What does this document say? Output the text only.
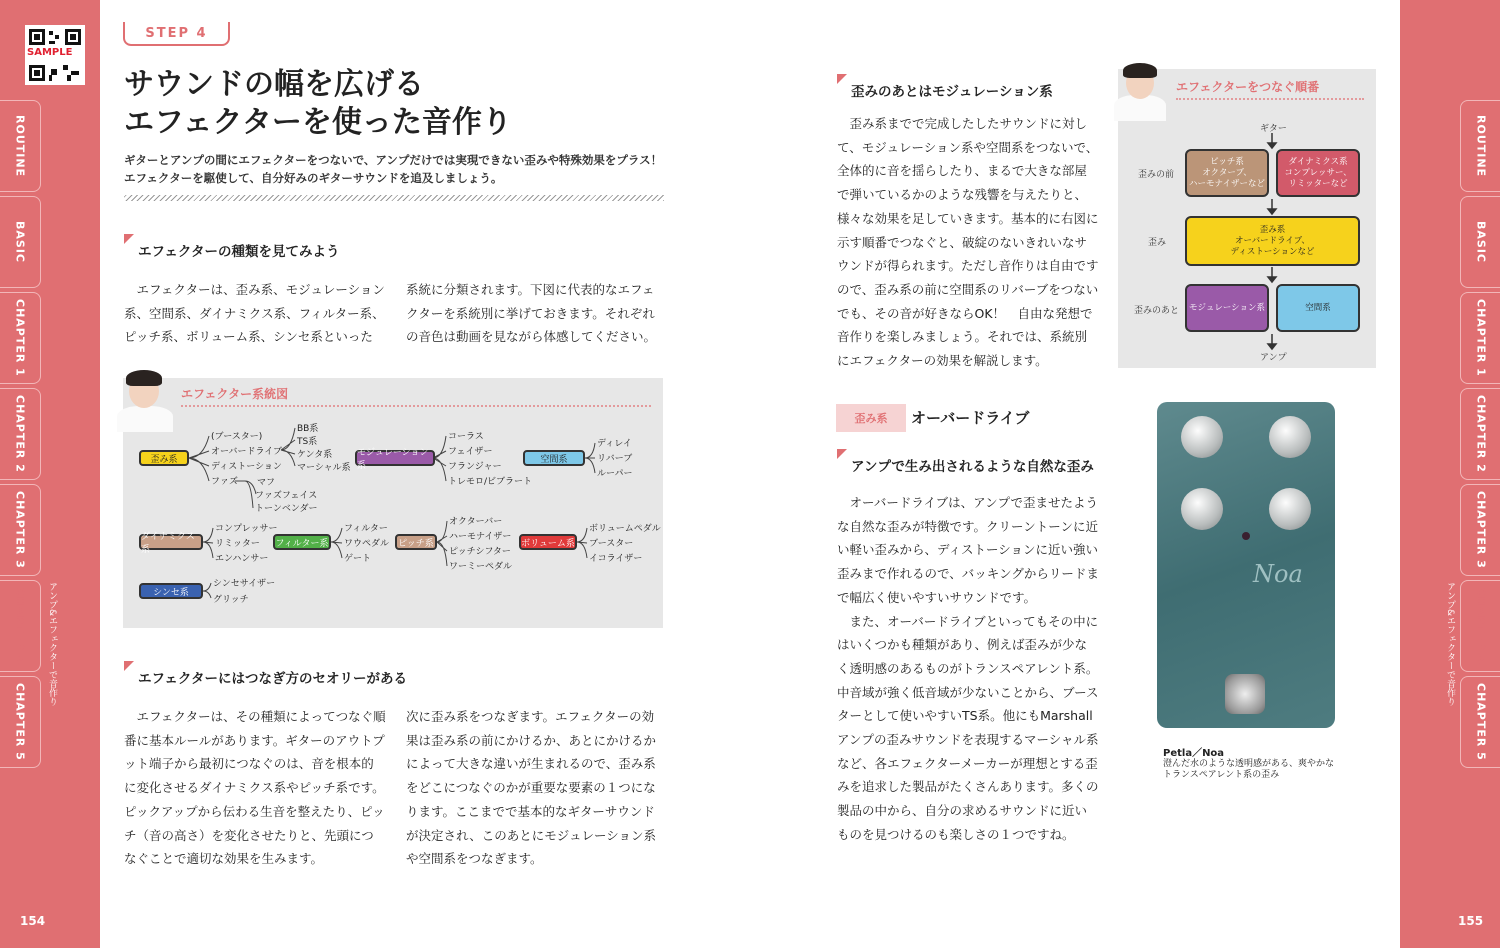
SAMPLE
ROUTINE
BASIC
CHAPTER 1
CHAPTER 2
CHAPTER 3
CHAPTER 4
CHAPTER 5
アンプ&エフェクターで音作り
154
STEP 4
サウンドの幅を広げる
エフェクターを使った音作り
ギターとアンプの間にエフェクターをつないで、アンプだけでは実現できない歪みや特殊効果をプラス！
エフェクターを駆使して、自分好みのギターサウンドを追及しましょう。
エフェクターの種類を見てみよう
エフェクターは、歪み系、モジュレーション系、空間系、ダイナミクス系、フィルター系、ピッチ系、ボリューム系、シンセ系といった
系統に分類されます。下図に代表的なエフェクターを系統別に挙げておきます。それぞれの音色は動画を見ながら体感してください。
エフェクター系統図
歪み系
(ブースター)
オーバードライブ
ディストーション
ファズ
BB系
TS系
ケンタ系
マーシャル系
マフ
ファズフェイス
トーンベンダー
モジュレーション系
コーラス
フェイザー
フランジャー
トレモロ/ビブラート
空間系
ディレイ
リバーブ
ルーパー
ダイナミクス系
コンプレッサー
リミッター
エンハンサー
フィルター系
フィルター
ワウペダル
ゲート
ピッチ系
オクターバー
ハーモナイザー
ピッチシフター
ワーミーペダル
ボリューム系
ボリュームペダル
ブースター
イコライザー
シンセ系
シンセサイザー
グリッチ
エフェクターにはつなぎ方のセオリーがある
エフェクターは、その種類によってつなぐ順番に基本ルールがあります。ギターのアウトプット端子から最初につなぐのは、音を根本的に変化させるダイナミクス系やピッチ系です。ピックアップから伝わる生音を整えたり、ピッチ（音の高さ）を変化させたりと、先頭につなぐことで適切な効果を生みます。
次に歪み系をつなぎます。エフェクターの効果は歪み系の前にかけるか、あとにかけるかによって大きな違いが生まれるので、歪み系をどこにつなぐのかが重要な要素の１つになります。ここまでで基本的なギターサウンドが決定され、このあとにモジュレーション系や空間系をつなぎます。
歪みのあとはモジュレーション系
歪み系までで完成したしたサウンドに対して、モジュレーション系や空間系をつないで、全体的に音を揺らしたり、まるで大きな部屋で弾いているかのような残響を与えたりと、様々な効果を足していきます。基本的に右図に示す順番でつなぐと、破綻のないきれいなサウンドが得られます。ただし音作りは自由ですので、歪み系の前に空間系のリバーブをつないでも、その音が好きならOK！　自由な発想で音作りを楽しみましょう。それでは、系統別にエフェクターの効果を解説します。
エフェクターをつなぐ順番
ギター
歪みの前
歪み
歪みのあと
ピッチ系
オクターブ、
ハーモナイザーなど
ダイナミクス系
コンプレッサー、
リミッターなど
歪み系
オーバードライブ、
ディストーションなど
モジュレーション系	空間系
アンプ
歪み系	オーバードライブ
アンプで生み出されるような自然な歪み
オーバードライブは、アンプで歪ませたような自然な歪みが特徴です。クリーントーンに近い軽い歪みから、ディストーションに近い強い歪みまで作れるので、バッキングからリードまで幅広く使いやすいサウンドです。
また、オーバードライブといってもその中にはいくつかも種類があり、例えば歪みが少なく透明感のあるものがトランスペアレント系。中音域が強く低音域が少ないことから、ブースターとして使いやすいTS系。他にもMarshallアンプの歪みサウンドを表現するマーシャル系など、各エフェクターメーカーが理想とする歪みを追求した製品がたくさんあります。多くの製品の中から、自分の求めるサウンドに近いものを見つけるのも楽しさの１つですね。
Noa
Petla／Noa
澄んだ水のような透明感がある、爽やかなトランスペアレント系の歪み
ROUTINE
BASIC
CHAPTER 1
CHAPTER 2
CHAPTER 3
CHAPTER 4
CHAPTER 5
アンプ&エフェクターで音作り
155
